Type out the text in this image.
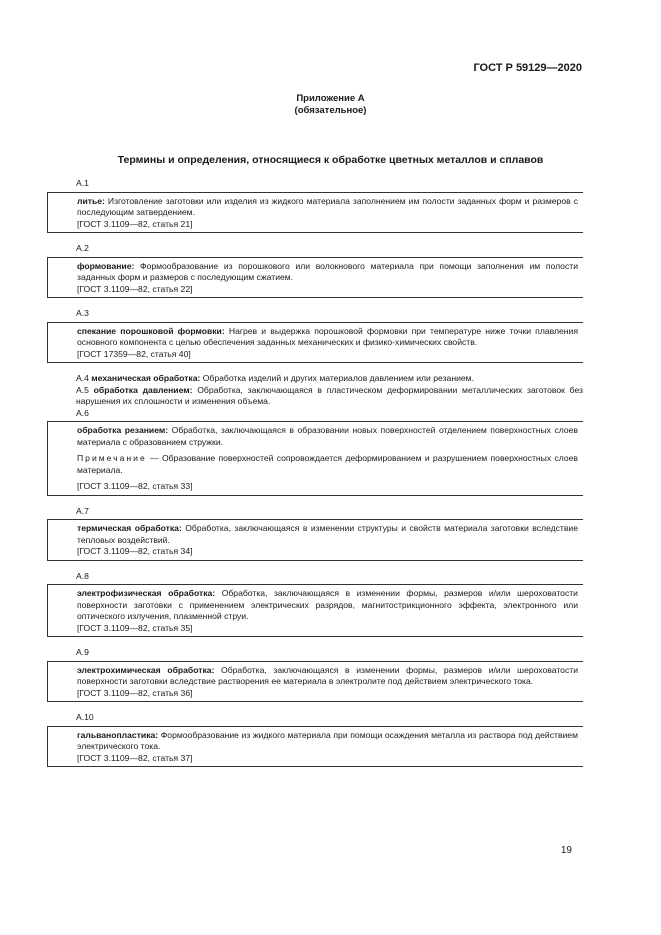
ГОСТ Р 59129—2020
Приложение А
(обязательное)
Термины и определения, относящиеся к обработке цветных металлов и сплавов
А.1

литье: Изготовление заготовки или изделия из жидкого материала заполнением им полости заданных форм и размеров с последующим затвердением.

[ГОСТ 3.1109—82, статья 21]
А.2

формование: Формообразование из порошкового или волокнового материала при помощи заполнения им полости заданных форм и размеров с последующим сжатием.

[ГОСТ 3.1109—82, статья 22]
А.3

спекание порошковой формовки: Нагрев и выдержка порошковой формовки при температуре ниже точки плавления основного компонента с целью обеспечения заданных механических и физико-химических свойств.

[ГОСТ 17359—82, статья 40]

А.4 механическая обработка: Обработка изделий и других материалов давлением или резанием.

А.5 обработка давлением: Обработка, заключающаяся в пластическом деформировании металлических заготовок без нарушения их сплошности и изменения объема.

А.6

обработка резанием: Обработка, заключающаяся в образовании новых поверхностей отделением поверхностных слоев материала с образованием стружки.

Примечание — Образование поверхностей сопровождается деформированием и разрушением поверхностных слоев материала.
[ГОСТ 3.1109—82, статья 33]
А.7

термическая обработка: Обработка, заключающаяся в изменении структуры и свойств материала заготовки вследствие тепловых воздействий.

[ГОСТ 3.1109—82, статья 34]
А.8

электрофизическая обработка: Обработка, заключающаяся в изменении формы, размеров и/или шероховатости поверхности заготовки с применением электрических разрядов, магнитострикционного эффекта, электронного или оптического излучения, плазменной струи.

[ГОСТ 3.1109—82, статья 35]
А.9

электрохимическая обработка: Обработка, заключающаяся в изменении формы, размеров и/или шероховатости поверхности заготовки вследствие растворения ее материала в электролите под действием электрического тока.

[ГОСТ 3.1109—82, статья 36]
А.10

гальванопластика: Формообразование из жидкого материала при помощи осаждения металла из раствора под действием электрического тока.

[ГОСТ 3.1109—82, статья 37]
19
